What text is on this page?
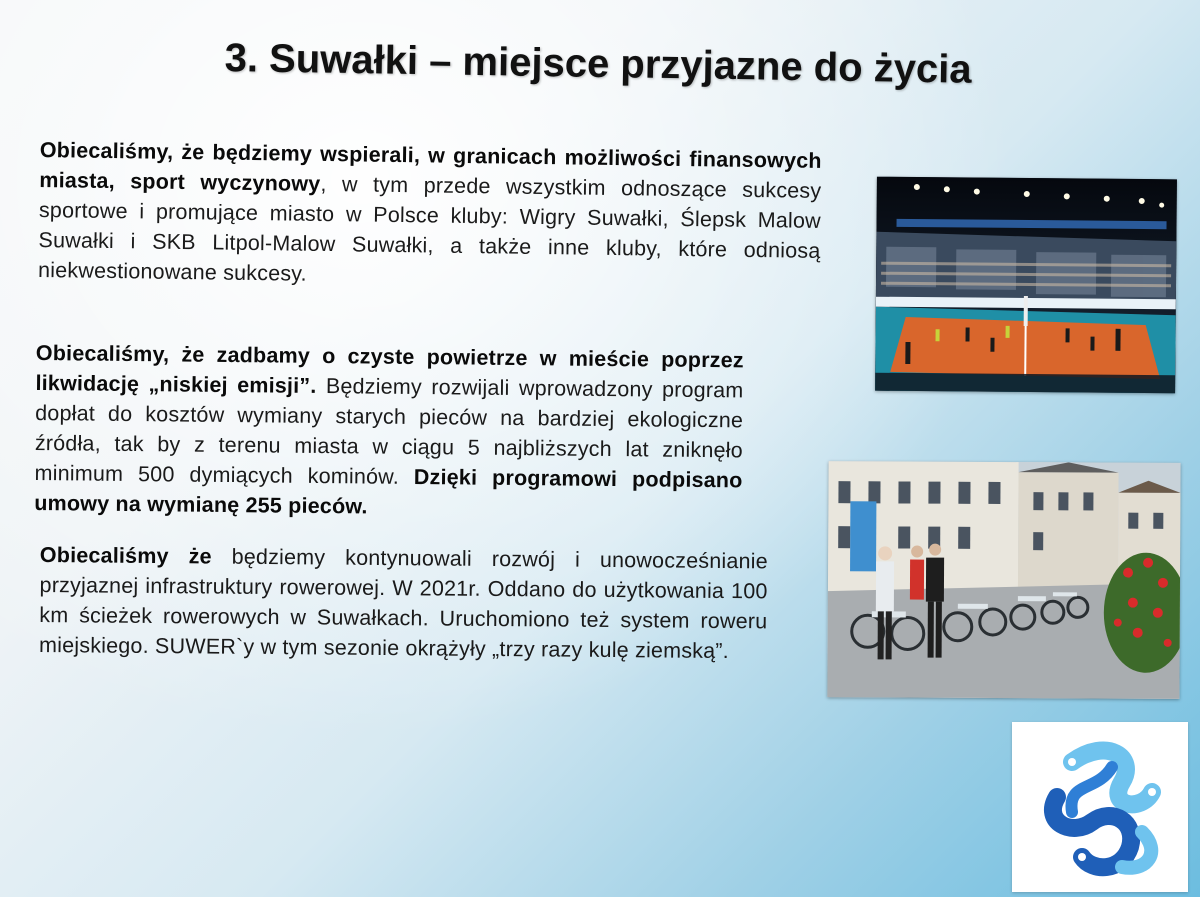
3. Suwałki – miejsce przyjazne do życia
Obiecaliśmy, że będziemy wspierali, w granicach możliwości finansowych miasta, sport wyczynowy, w tym przede wszystkim odnoszące sukcesy sportowe i promujące miasto w Polsce kluby: Wigry Suwałki, Ślepsk Malow Suwałki i SKB Litpol-Malow Suwałki, a także inne kluby, które odniosą niekwestionowane sukcesy.
Obiecaliśmy, że zadbamy o czyste powietrze w mieście poprzez likwidację „niskiej emisji”. Będziemy rozwijali wprowadzony program dopłat do kosztów wymiany starych pieców na bardziej ekologiczne źródła, tak by z terenu miasta w ciągu 5 najbliższych lat zniknęło minimum 500 dymiących kominów. Dzięki programowi podpisano umowy na wymianę 255 pieców.
Obiecaliśmy że będziemy kontynuowali rozwój i unowocześnianie przyjaznej infrastruktury rowerowej. W 2021r. Oddano do użytkowania 100 km ścieżek rowerowych w Suwałkach. Uruchomiono też system roweru miejskiego. SUWER`y w tym sezonie okrążyły „trzy razy kulę ziemską”.
